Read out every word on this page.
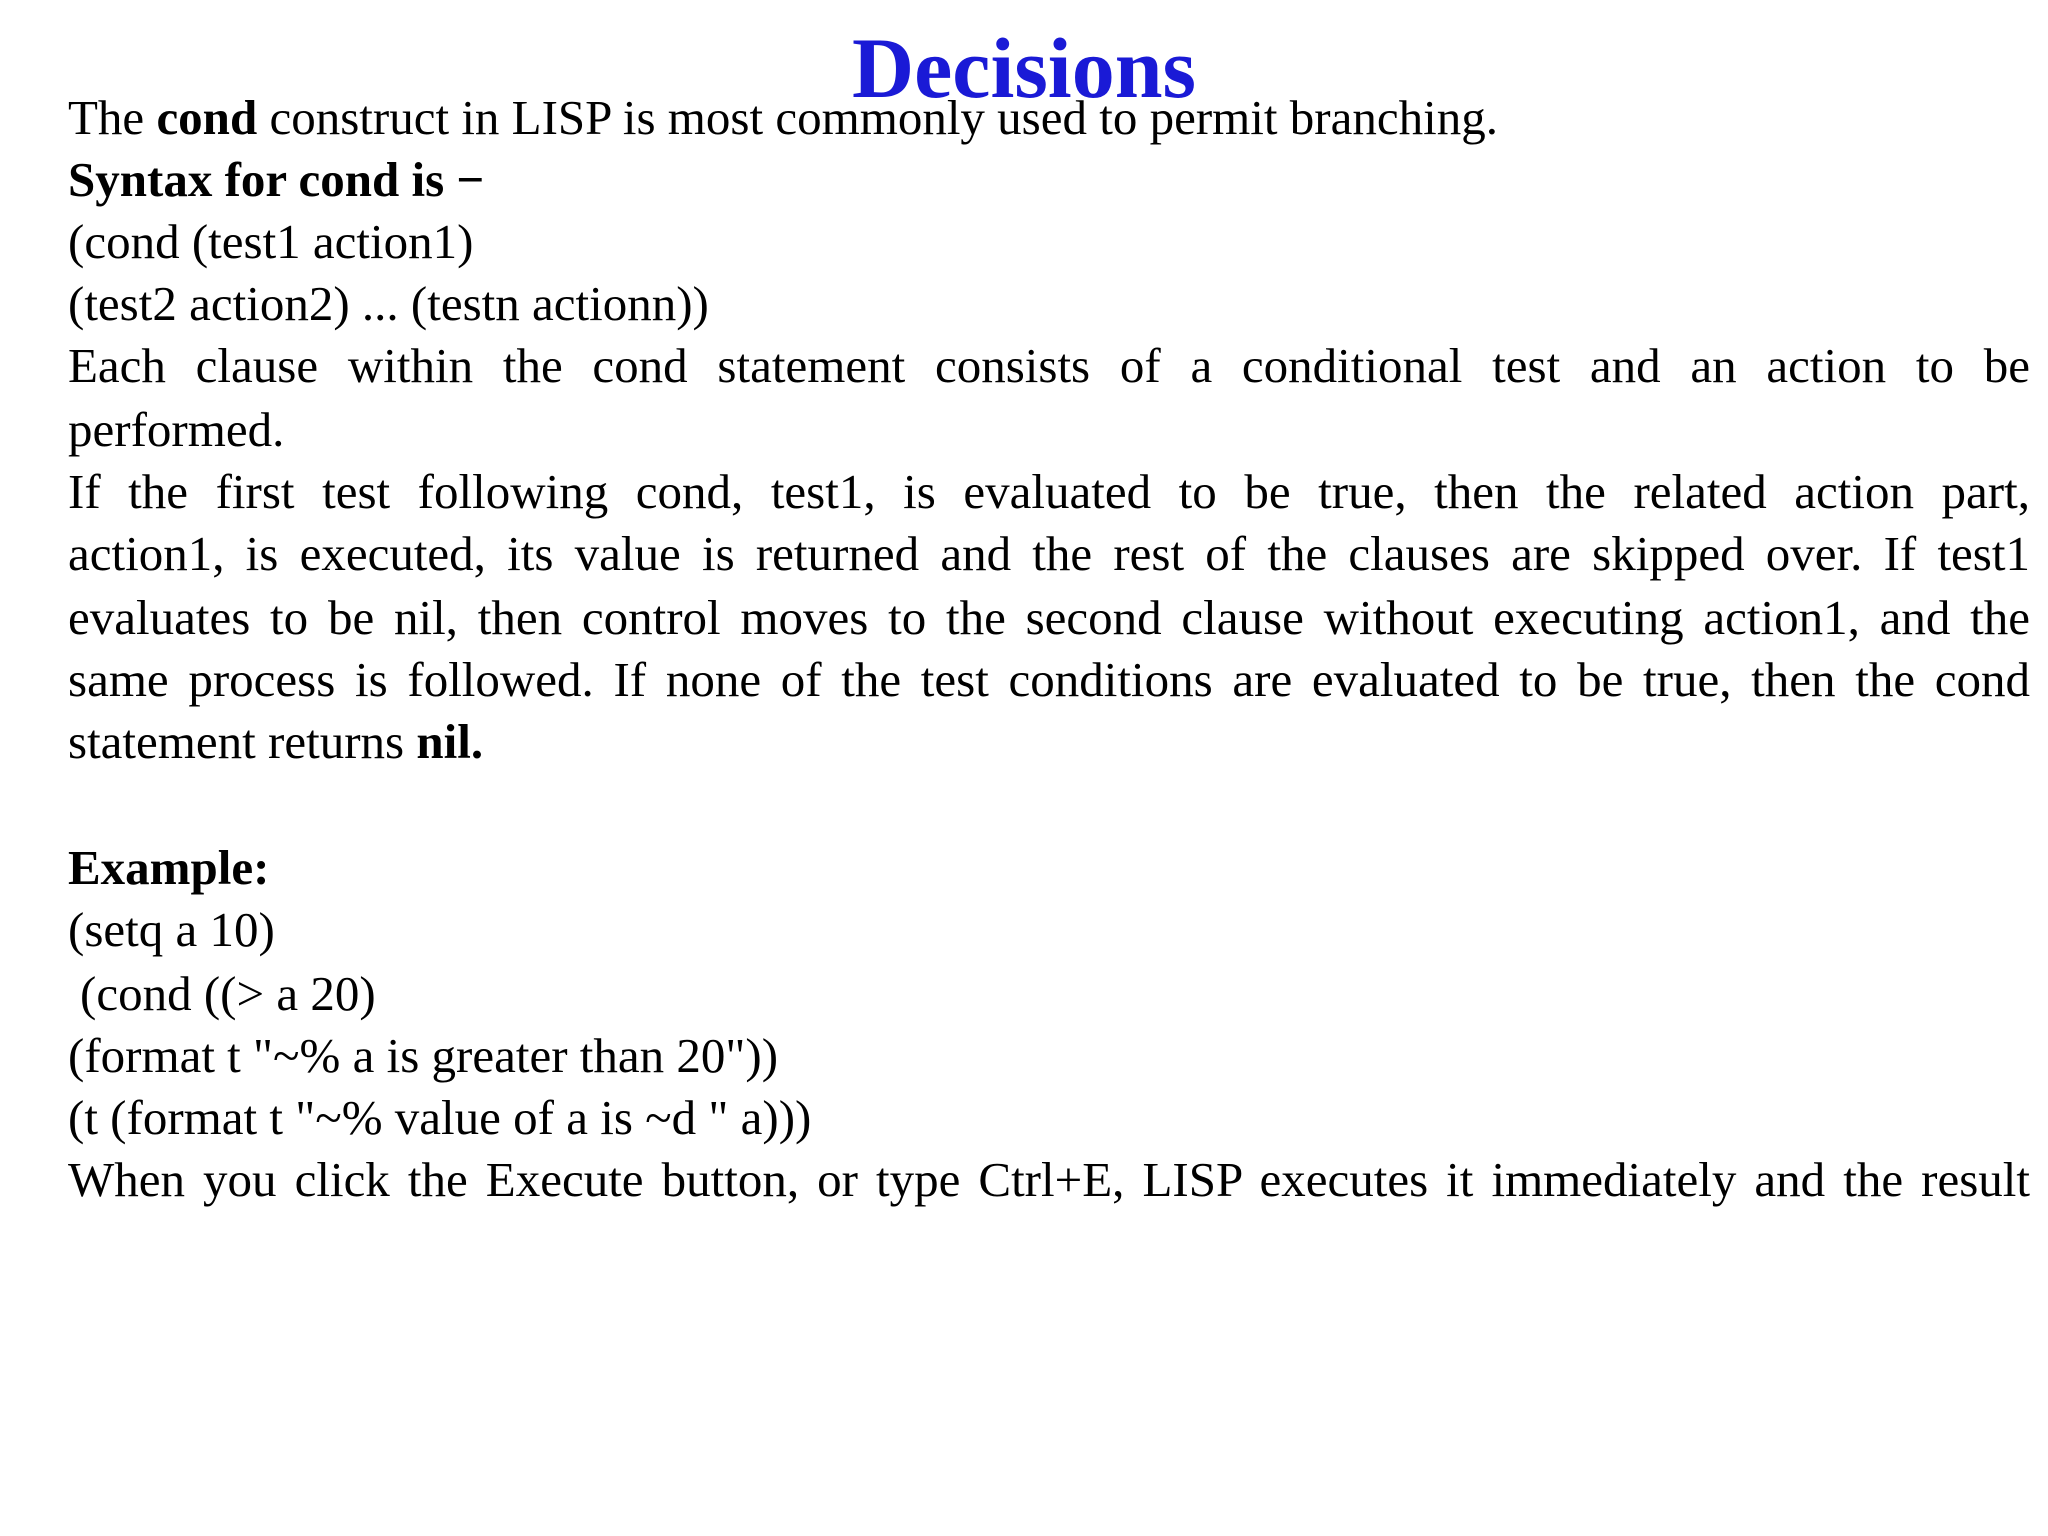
Decisions
The cond construct in LISP is most commonly used to permit branching.
Syntax for cond is −
(cond (test1 action1)
(test2 action2) ... (testn actionn))
Each clause within the cond statement consists of a conditional test and an action to be
performed.
If the first test following cond, test1, is evaluated to be true, then the related action part,
action1, is executed, its value is returned and the rest of the clauses are skipped over. If test1
evaluates to be nil, then control moves to the second clause without executing action1, and the
same process is followed. If none of the test conditions are evaluated to be true, then the cond
statement returns nil.
Example:
(setq a 10)
(cond ((> a 20)
(format t "~% a is greater than 20"))
(t (format t "~% value of a is ~d " a)))
When you click the Execute button, or type Ctrl+E, LISP executes it immediately and the result
